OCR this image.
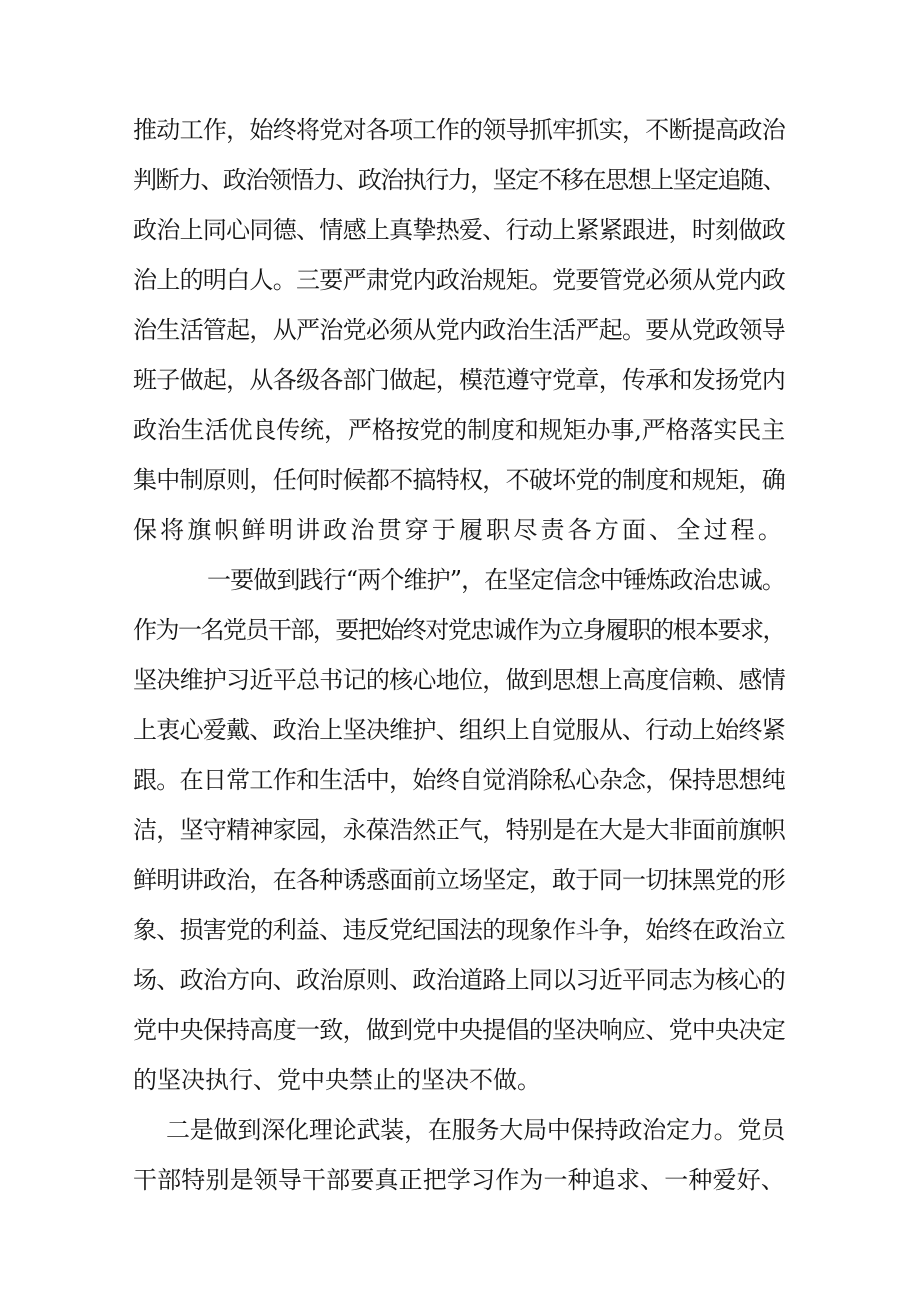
推动工作，始终将党对各项工作的领导抓牢抓实，不断提高政治
判断力、政治领悟力、政治执行力，坚定不移在思想上坚定追随、
政治上同心同德、情感上真挚热爱、行动上紧紧跟进，时刻做政
治上的明白人。三要严肃党内政治规矩。党要管党必须从党内政
治生活管起，从严治党必须从党内政治生活严起。要从党政领导
班子做起，从各级各部门做起，模范遵守党章，传承和发扬党内
政治生活优良传统，严格按党的制度和规矩办事,严格落实民主
集中制原则，任何时候都不搞特权，不破坏党的制度和规矩，确
保将旗帜鲜明讲政治贯穿于履职尽责各方面、全过程。
一要做到践行“两个维护”，在坚定信念中锤炼政治忠诚。
作为一名党员干部，要把始终对党忠诚作为立身履职的根本要求，
坚决维护习近平总书记的核心地位，做到思想上高度信赖、感情
上衷心爱戴、政治上坚决维护、组织上自觉服从、行动上始终紧
跟。在日常工作和生活中，始终自觉消除私心杂念，保持思想纯
洁，坚守精神家园，永葆浩然正气，特别是在大是大非面前旗帜
鲜明讲政治，在各种诱惑面前立场坚定，敢于同一切抹黑党的形
象、损害党的利益、违反党纪国法的现象作斗争，始终在政治立
场、政治方向、政治原则、政治道路上同以习近平同志为核心的
党中央保持高度一致，做到党中央提倡的坚决响应、党中央决定
的坚决执行、党中央禁止的坚决不做。
二是做到深化理论武装，在服务大局中保持政治定力。党员
干部特别是领导干部要真正把学习作为一种追求、一种爱好、
